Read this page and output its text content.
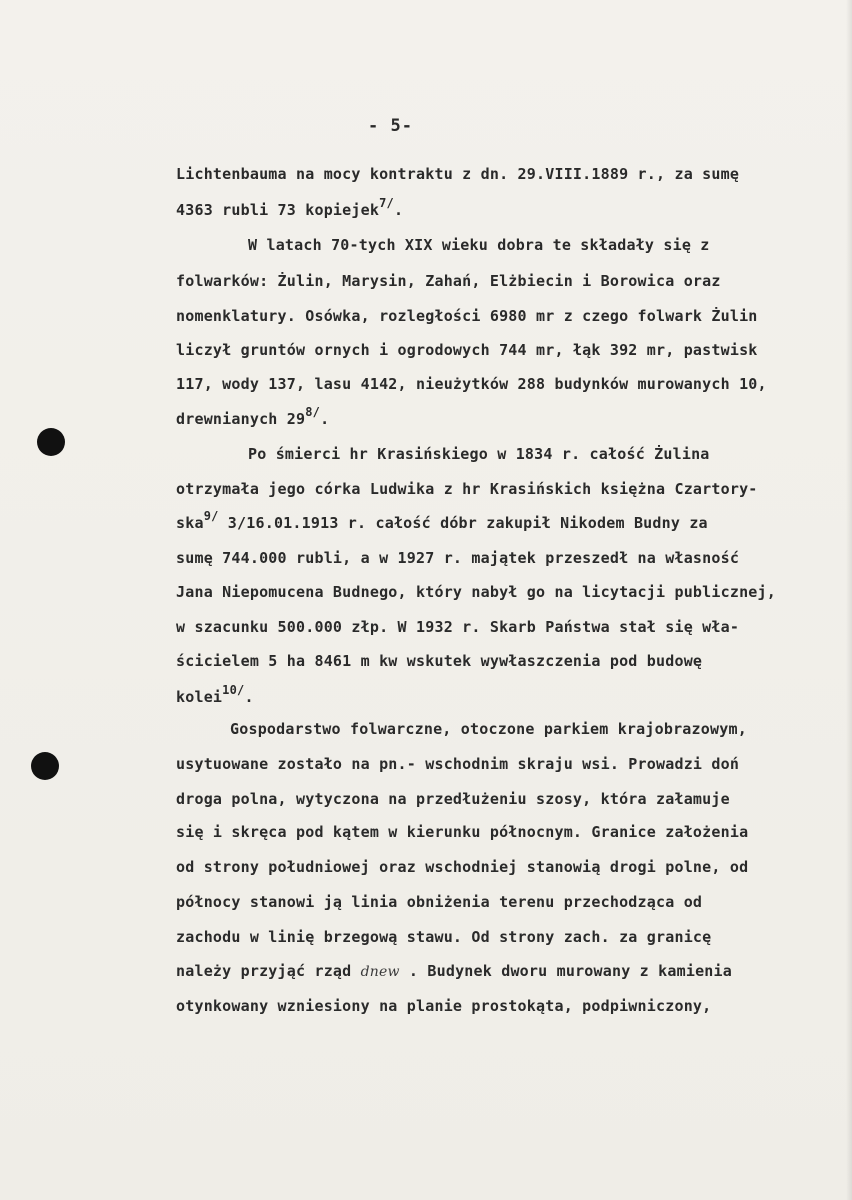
- 5-
Lichtenbauma na mocy kontraktu z dn. 29.VIII.1889 r., za sumę
4363 rubli 73 kopiejek$^{7/}$.
W latach 70-tych XIX wieku dobra te składały się z
folwarków: Żulin, Marysin, Zahań, Elżbiecin i Borowica oraz
nomenklatury. Osówka, rozległości 6980 mr z czego folwark Żulin
liczył gruntów ornych i ogrodowych 744 mr, łąk 392 mr, pastwisk
117, wody 137, lasu 4142, nieużytków 288 budynków murowanych 10,
drewnianych 29$^{8/}$.
Po śmierci hr Krasińskiego w 1834 r. całość Żulina
otrzymała jego córka Ludwika z hr Krasińskich księżna Czartory-
ska$^{9/}$ 3/16.01.1913 r. całość dóbr zakupił Nikodem Budny za
sumę 744.000 rubli, a w 1927 r. majątek przeszedł na własność
Jana Niepomucena Budnego, który nabył go na licytacji publicznej,
w szacunku 500.000 złp. W 1932 r. Skarb Państwa stał się wła-
ścicielem 5 ha 8461 m kw wskutek wywłaszczenia pod budowę
kolei$^{10/}$.
Gospodarstwo folwarczne, otoczone parkiem krajobrazowym,
usytuowane zostało na pn.- wschodnim skraju wsi. Prowadzi doń
droga polna, wytyczona na przedłużeniu szosy, która załamuje
się i skręca pod kątem w kierunku północnym. Granice założenia
od strony południowej oraz wschodniej stanowią drogi polne, od
północy stanowi ją linia obniżenia terenu przechodząca od
zachodu w linię brzegową stawu. Od strony zach. za granicę
należy przyjąć rząd dnew . Budynek dworu murowany z kamienia
otynkowany wzniesiony na planie prostokąta, podpiwniczony,
